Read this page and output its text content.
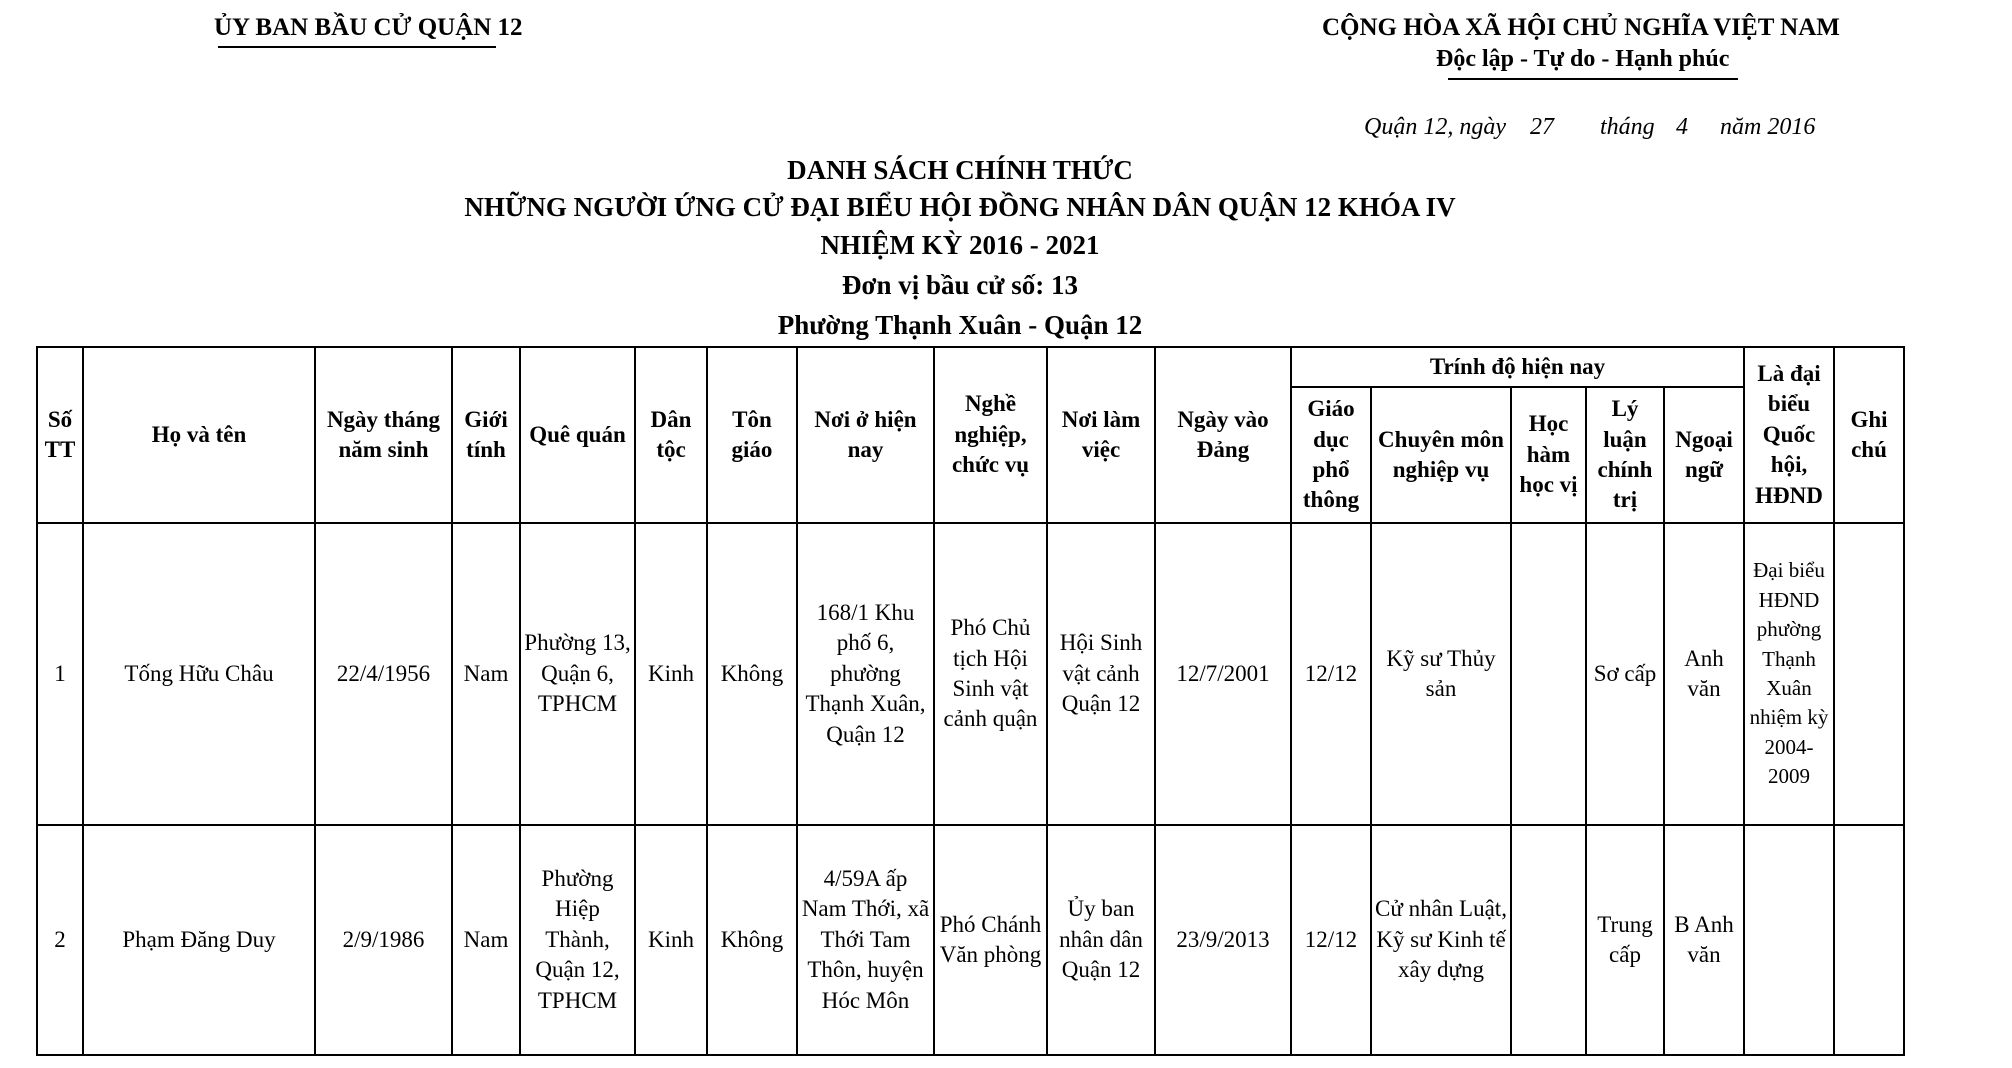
ỦY BAN BẦU CỬ QUẬN 12	CỘNG HÒA XÃ HỘI CHỦ NGHĨA VIỆT NAM
Độc lập - Tự do - Hạnh phúc
Quận 12, ngày 27 tháng 4 năm 2016
DANH SÁCH CHÍNH THỨC
NHỮNG NGƯỜI ỨNG CỬ ĐẠI BIỂU HỘI ĐỒNG NHÂN DÂN QUẬN 12 KHÓA IV
NHIỆM KỲ 2016 - 2021
Đơn vị bầu cử số: 13
Phường Thạnh Xuân - Quận 12
Số TT	Họ và tên	Ngày tháng năm sinh	Giới tính	Quê quán	Dân tộc	Tôn giáo	Nơi ở hiện nay	Nghề nghiệp, chức vụ	Nơi làm việc	Ngày vào Đảng	Trính độ hiện nay					Là đại biểu Quốc hội, HĐND	Ghi chú
											Giáo dục phổ thông	Chuyên môn nghiệp vụ	Học hàm học vị	Lý luận chính trị	Ngoại ngữ		
1	Tống Hữu Châu	22/4/1956	Nam	Phường 13, Quận 6, TPHCM	Kinh	Không	168/1 Khu phố 6, phường Thạnh Xuân, Quận 12	Phó Chủ tịch Hội Sinh vật cảnh quận	Hội Sinh vật cảnh Quận 12	12/7/2001	12/12	Kỹ sư Thủy sản		Sơ cấp	Anh văn	Đại biểu HĐND phường Thạnh Xuân nhiệm kỳ 2004-2009	
2	Phạm Đăng Duy	2/9/1986	Nam	Phường Hiệp Thành, Quận 12, TPHCM	Kinh	Không	4/59A ấp Nam Thới, xã Thới Tam Thôn, huyện Hóc Môn	Phó Chánh Văn phòng	Ủy ban nhân dân Quận 12	23/9/2013	12/12	Cử nhân Luật, Kỹ sư Kinh tế xây dựng		Trung cấp	B Anh văn		
